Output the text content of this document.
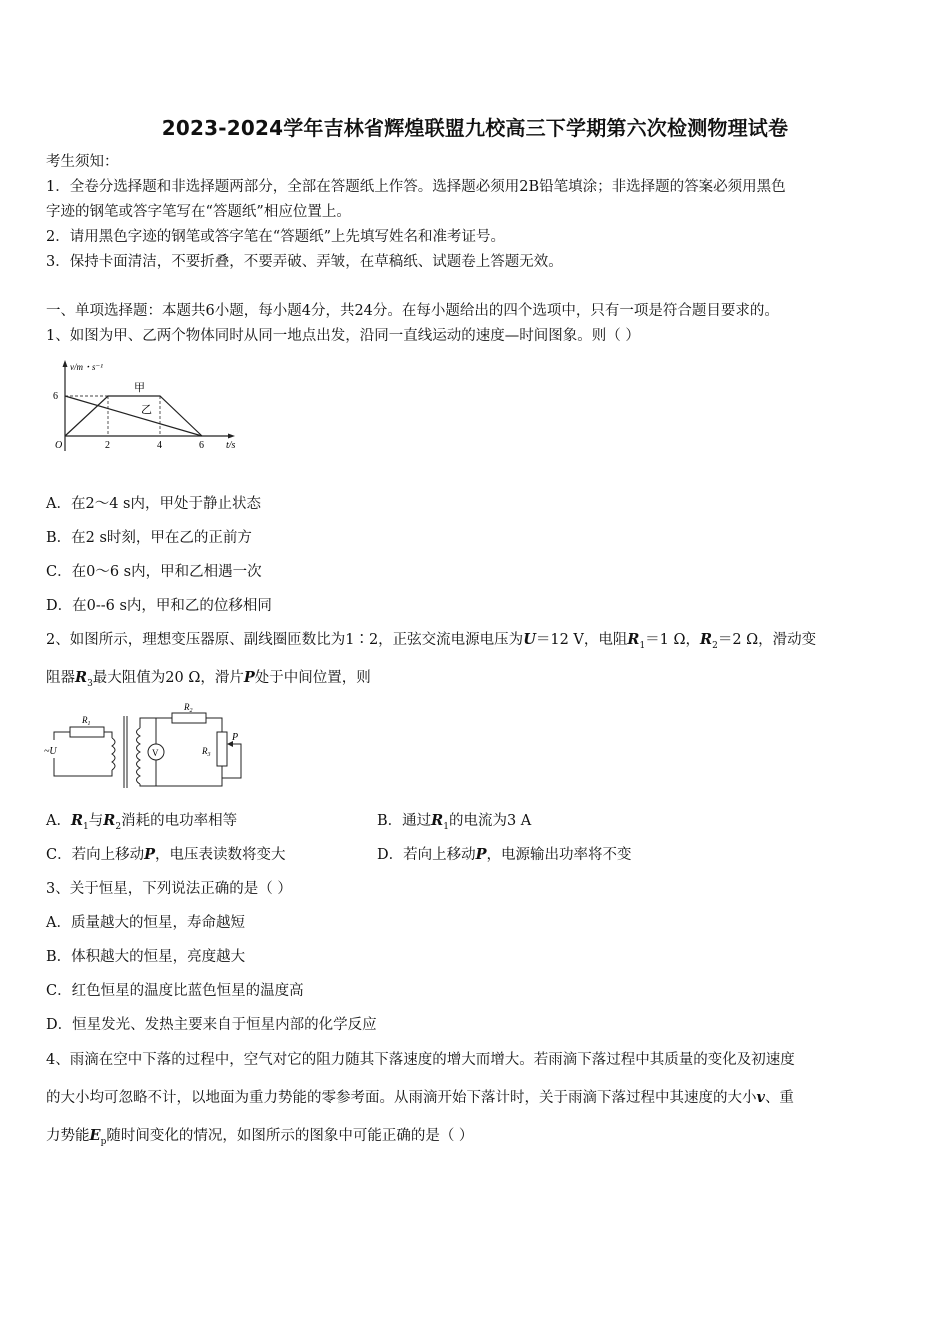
2023-2024学年吉林省辉煌联盟九校高三下学期第六次检测物理试卷
考生须知：
1．全卷分选择题和非选择题两部分，全部在答题纸上作答。选择题必须用2B铅笔填涂；非选择题的答案必须用黑色
字迹的钢笔或答字笔写在“答题纸”相应位置上。
2．请用黑色字迹的钢笔或答字笔在“答题纸”上先填写姓名和准考证号。
3．保持卡面清洁，不要折叠，不要弄破、弄皱，在草稿纸、试题卷上答题无效。
一、单项选择题：本题共6小题，每小题4分，共24分。在每小题给出的四个选项中，只有一项是符合题目要求的。
1、如图为甲、乙两个物体同时从同一地点出发，沿同一直线运动的速度—时间图象。则（ ）
v/m・s⁻¹
6
O	2	4	6 t/s
甲
乙
A．在2～4 s内，甲处于静止状态
B．在2 s时刻，甲在乙的正前方
C．在0～6 s内，甲和乙相遇一次
D．在0--6 s内，甲和乙的位移相同
2、如图所示，理想变压器原、副线圈匝数比为1∶2，正弦交流电源电压为U＝12 V，电阻$R_1=1$ Ω，$R_2=2$ Ω，滑动变
阻器$R_3$最大阻值为20 Ω，滑片P处于中间位置，则
~U
$R_1$
V	$R_3$
P
$R_2$
A．$R_1$与$R_2$消耗的电功率相等	B．通过$R_1$的电流为3 A
C．若向上移动P，电压表读数将变大	D．若向上移动P，电源输出功率将不变
3、关于恒星，下列说法正确的是（ ）
A．质量越大的恒星，寿命越短
B．体积越大的恒星，亮度越大
C．红色恒星的温度比蓝色恒星的温度高
D．恒星发光、发热主要来自于恒星内部的化学反应
4、雨滴在空中下落的过程中，空气对它的阻力随其下落速度的增大而增大。若雨滴下落过程中其质量的变化及初速度
的大小均可忽略不计，以地面为重力势能的零参考面。从雨滴开始下落计时，关于雨滴下落过程中其速度的大小v、重
力势能$E_p$随时间变化的情况，如图所示的图象中可能正确的是（ ）
